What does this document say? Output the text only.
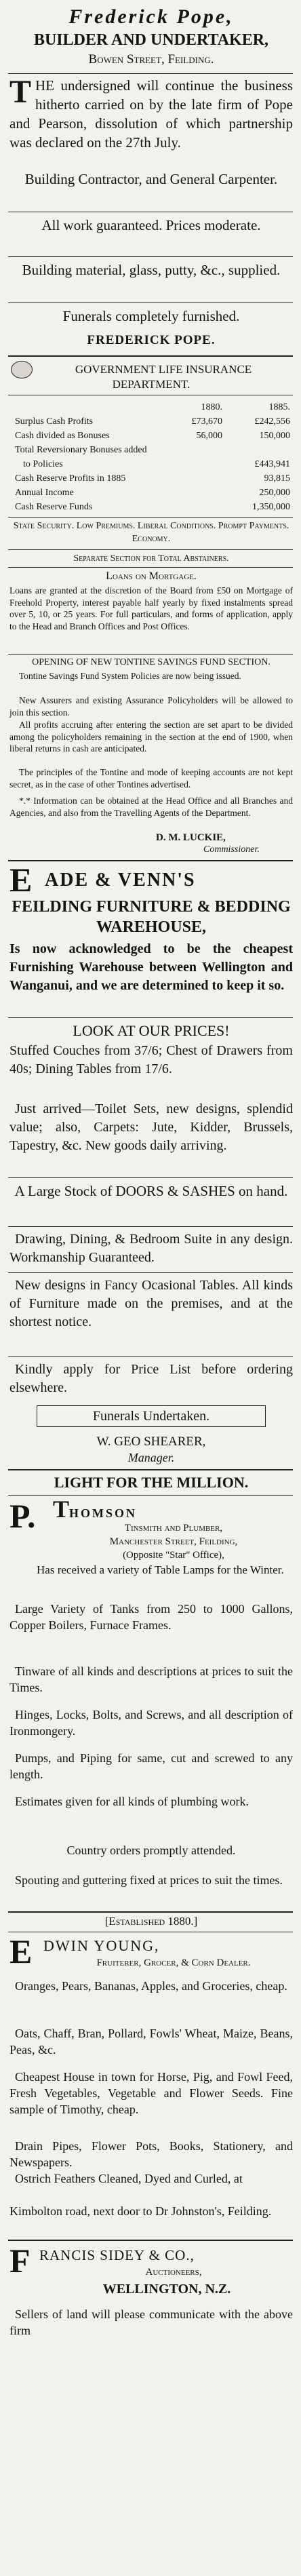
Frederick Pope,
BUILDER AND UNDERTAKER,
Bowen Street, Feilding.
THE undersigned will continue the business hitherto carried on by the late firm of Pope and Pearson, dissolution of which partnership was declared on the 27th July.
Building Contractor, and General Carpenter.
All work guaranteed. Prices moderate.
Building material, glass, putty, &c., supplied.
Funerals completely furnished.
FREDERICK POPE.
GOVERNMENT LIFE INSURANCE
DEPARTMENT.
	1880.	1885.
Surplus Cash Profits	£73,670	£242,556
Cash divided as Bonuses	56,000	150,000
Total Reversionary Bonuses added		
to Policies		£443,941
Cash Reserve Profits in 1885		93,815
Annual Income		250,000
Cash Reserve Funds		1,350,000
State Security. Low Premiums. Liberal Conditions. Prompt Payments. Economy.
Separate Section for Total Abstainers.
Loans on Mortgage.
Loans are granted at the discretion of the Board from £50 on Mortgage of Freehold Property, interest payable half yearly by fixed instalments spread over 5, 10, or 25 years. For full particulars, and forms of application, apply to the Head and Branch Offices and Post Offices.
OPENING OF NEW TONTINE SAVINGS FUND SECTION.
Tontine Savings Fund System Policies are now being issued.
New Assurers and existing Assurance Policyholders will be allowed to join this section.
All profits accruing after entering the section are set apart to be divided among the policyholders remaining in the section at the end of 1900, when liberal returns in cash are anticipated.
The principles of the Tontine and mode of keeping accounts are not kept secret, as in the case of other Tontines advertised.
*.* Information can be obtained at the Head Office and all Branches and Agencies, and also from the Travelling Agents of the Department.
D. M. LUCKIE,
Commissioner.
E ADE & VENN'S
FEILDING FURNITURE & BEDDING WAREHOUSE,
Is now acknowledged to be the cheapest Furnishing Warehouse between Wellington and Wanganui, and we are determined to keep it so.
LOOK AT OUR PRICES!
Stuffed Couches from 37/6; Chest of Drawers from 40s; Dining Tables from 17/6.
Just arrived—Toilet Sets, new designs, splendid value; also, Carpets: Jute, Kidder, Brussels, Tapestry, &c. New goods daily arriving.
A Large Stock of DOORS & SASHES on hand.
Drawing, Dining, & Bedroom Suite in any design. Workmanship Guaranteed.
New designs in Fancy Ocasional Tables. All kinds of Furniture made on the premises, and at the shortest notice.
Kindly apply for Price List before ordering elsewhere.
Funerals Undertaken.
W. GEO SHEARER,
Manager.
LIGHT FOR THE MILLION.
P. THOMSON
Tinsmith and Plumber,
Manchester Street, Feilding,
(Opposite "Star" Office),
Has received a variety of Table Lamps for the Winter.
Large Variety of Tanks from 250 to 1000 Gallons, Copper Boilers, Furnace Frames.
Tinware of all kinds and descriptions at prices to suit the Times.
Hinges, Locks, Bolts, and Screws, and all description of Ironmongery.
Pumps, and Piping for same, cut and screwed to any length.
Estimates given for all kinds of plumbing work.
Country orders promptly attended.
Spouting and guttering fixed at prices to suit the times.
[Established 1880.]
E DWIN YOUNG,
Fruiterer, Grocer, & Corn Dealer.
Oranges, Pears, Bananas, Apples, and Groceries, cheap.
Oats, Chaff, Bran, Pollard, Fowls' Wheat, Maize, Beans, Peas, &c.
Cheapest House in town for Horse, Pig, and Fowl Feed, Fresh Vegetables, Vegetable and Flower Seeds. Fine sample of Timothy, cheap.
Drain Pipes, Flower Pots, Books, Stationery, and Newspapers.
Ostrich Feathers Cleaned, Dyed and Curled, at
Kimbolton road, next door to Dr Johnston's, Feilding.
F RANCIS SIDEY & CO.,
Auctioneers,
WELLINGTON, N.Z.
Sellers of land will please communicate with the above firm
